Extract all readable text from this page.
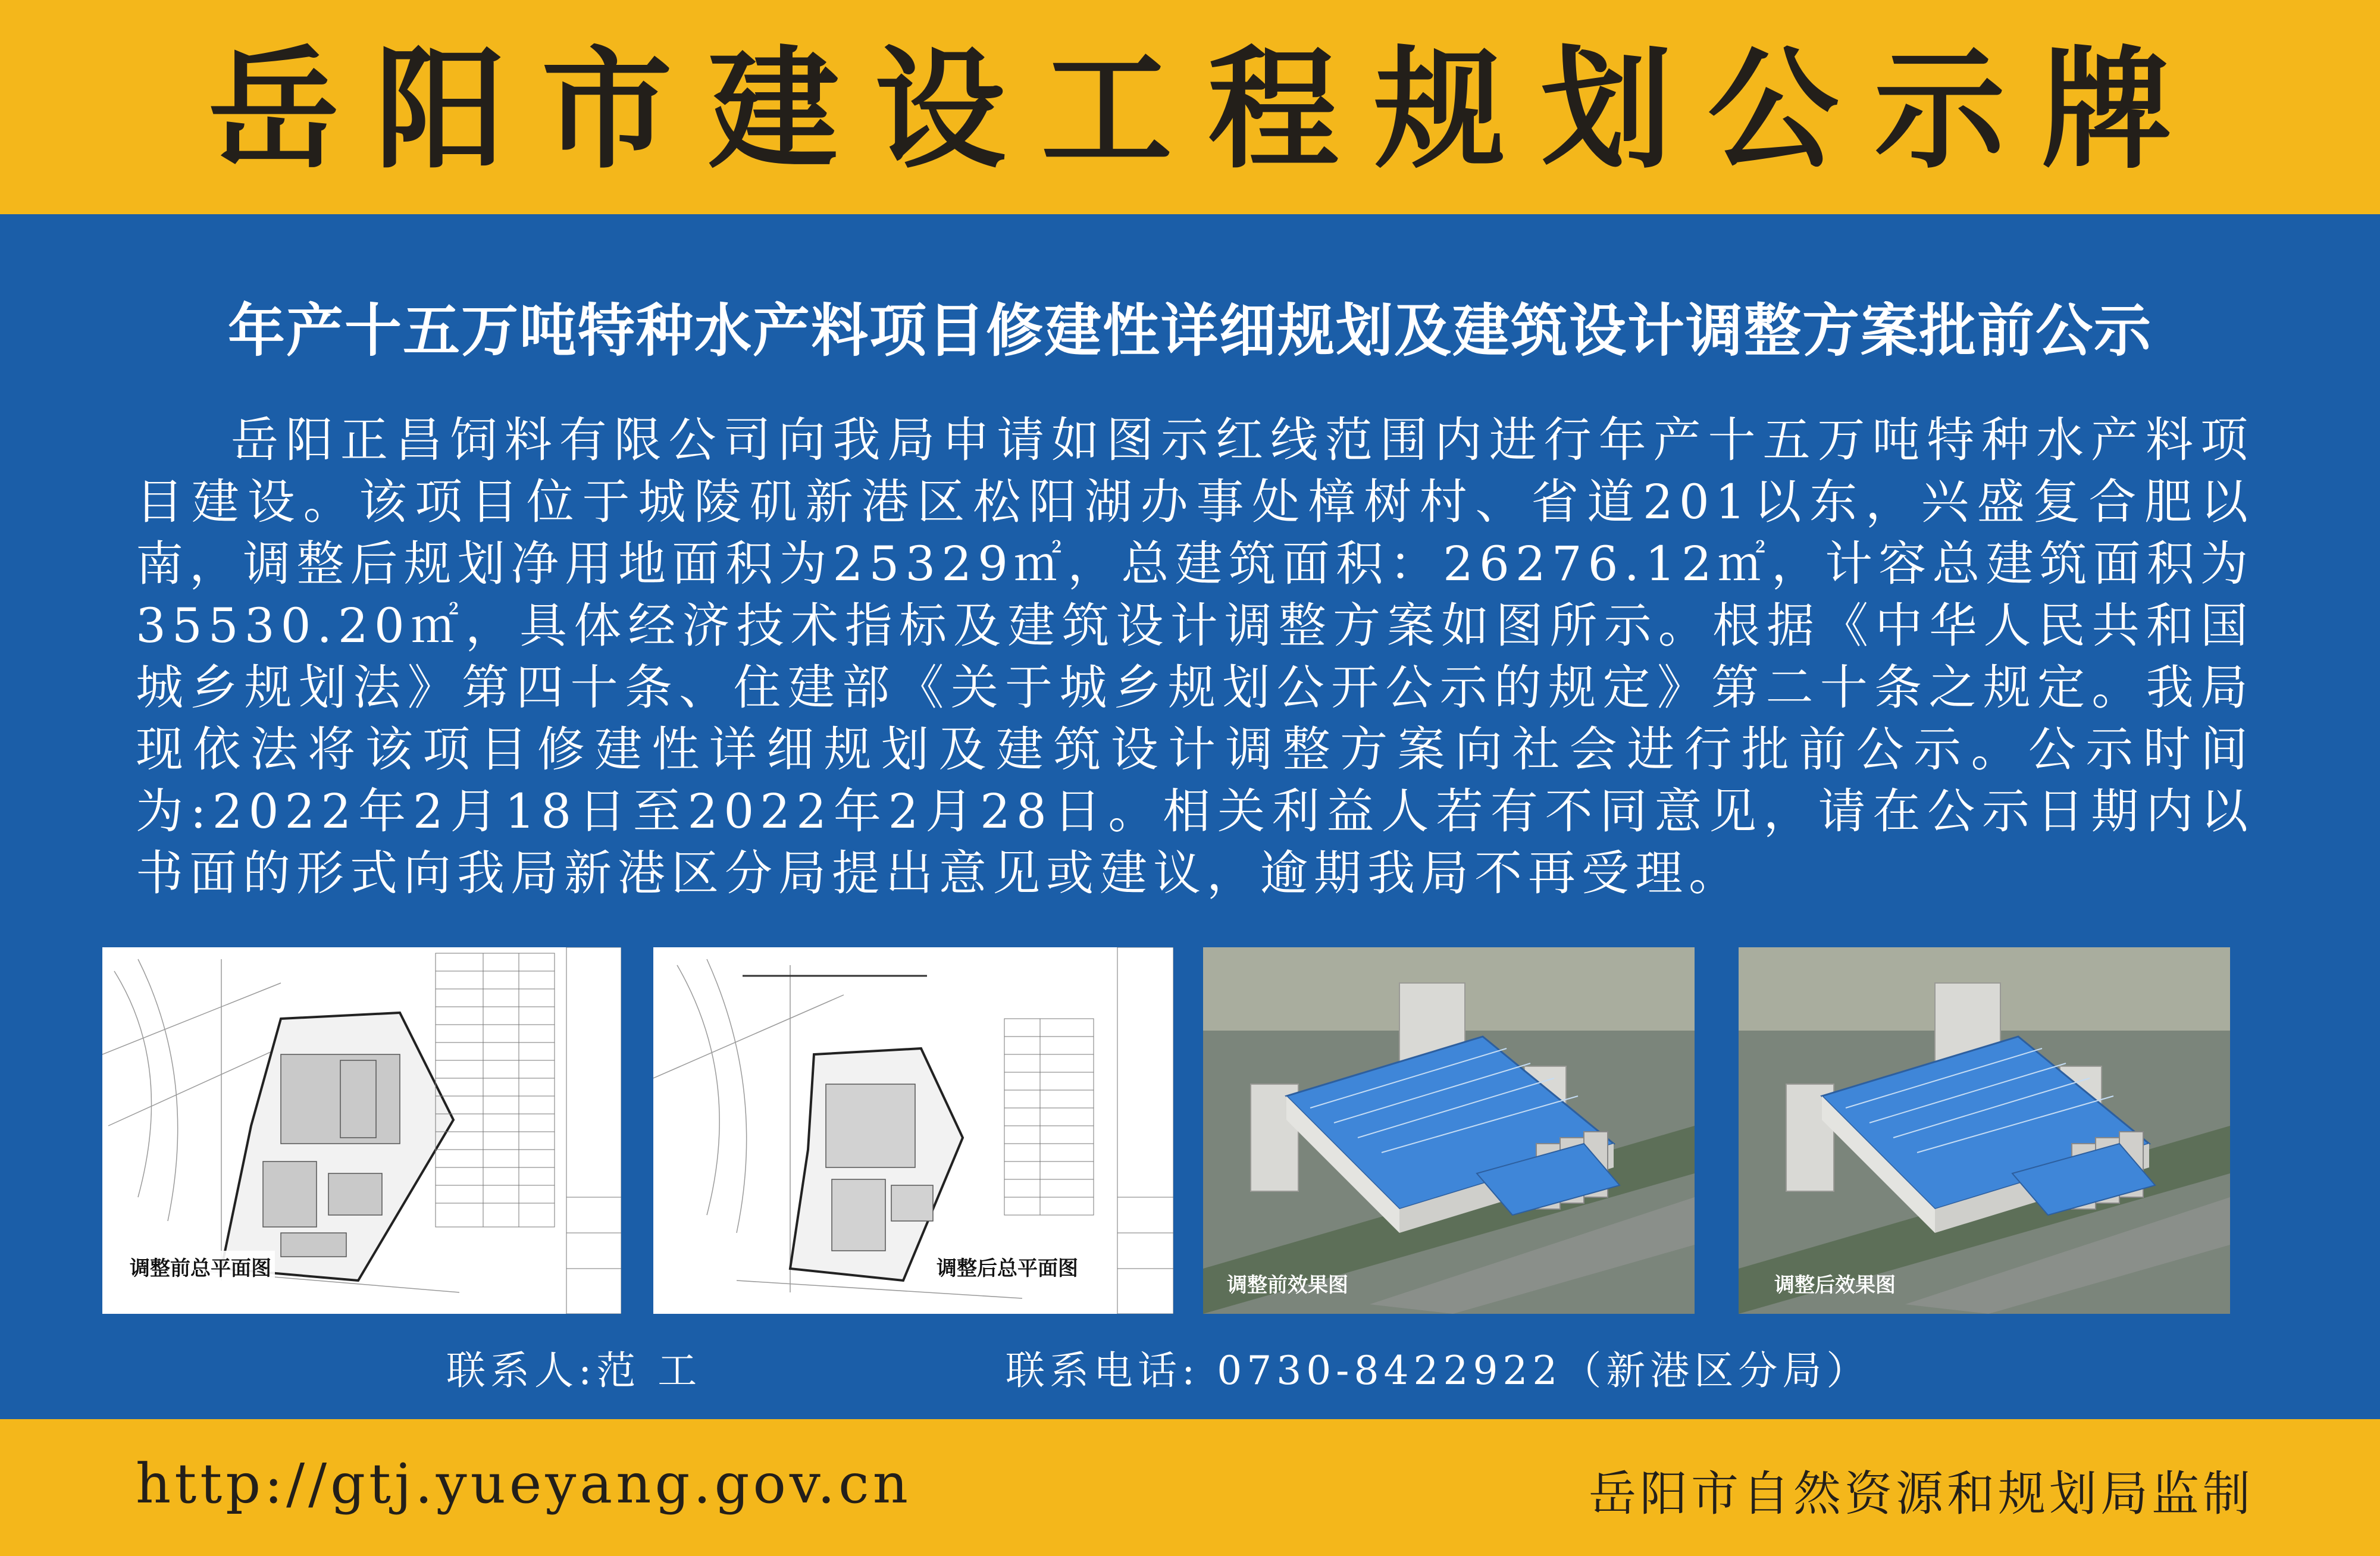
岳阳市建设工程规划公示牌
年产十五万吨特种水产料项目修建性详细规划及建筑设计调整方案批前公示
岳阳正昌饲料有限公司向我局申请如图示红线范围内进行年产十五万吨特种水产料项目建设。该项目位于城陵矶新港区松阳湖办事处樟树村、省道201以东，兴盛复合肥以南，调整后规划净用地面积为25329㎡，总建筑面积：26276.12㎡，计容总建筑面积为35530.20㎡，具体经济技术指标及建筑设计调整方案如图所示。根据《中华人民共和国城乡规划法》第四十条、住建部《关于城乡规划公开公示的规定》第二十条之规定。我局现依法将该项目修建性详细规划及建筑设计调整方案向社会进行批前公示。公示时间为:2022年2月18日至2022年2月28日。相关利益人若有不同意见，请在公示日期内以书面的形式向我局新港区分局提出意见或建议，逾期我局不再受理。
调整前总平面图	调整后总平面图
调整前效果图	调整后效果图
联系人:范 工	联系电话: 0730-8422922（新港区分局）
http://gtj.yueyang.gov.cn	岳阳市自然资源和规划局监制
